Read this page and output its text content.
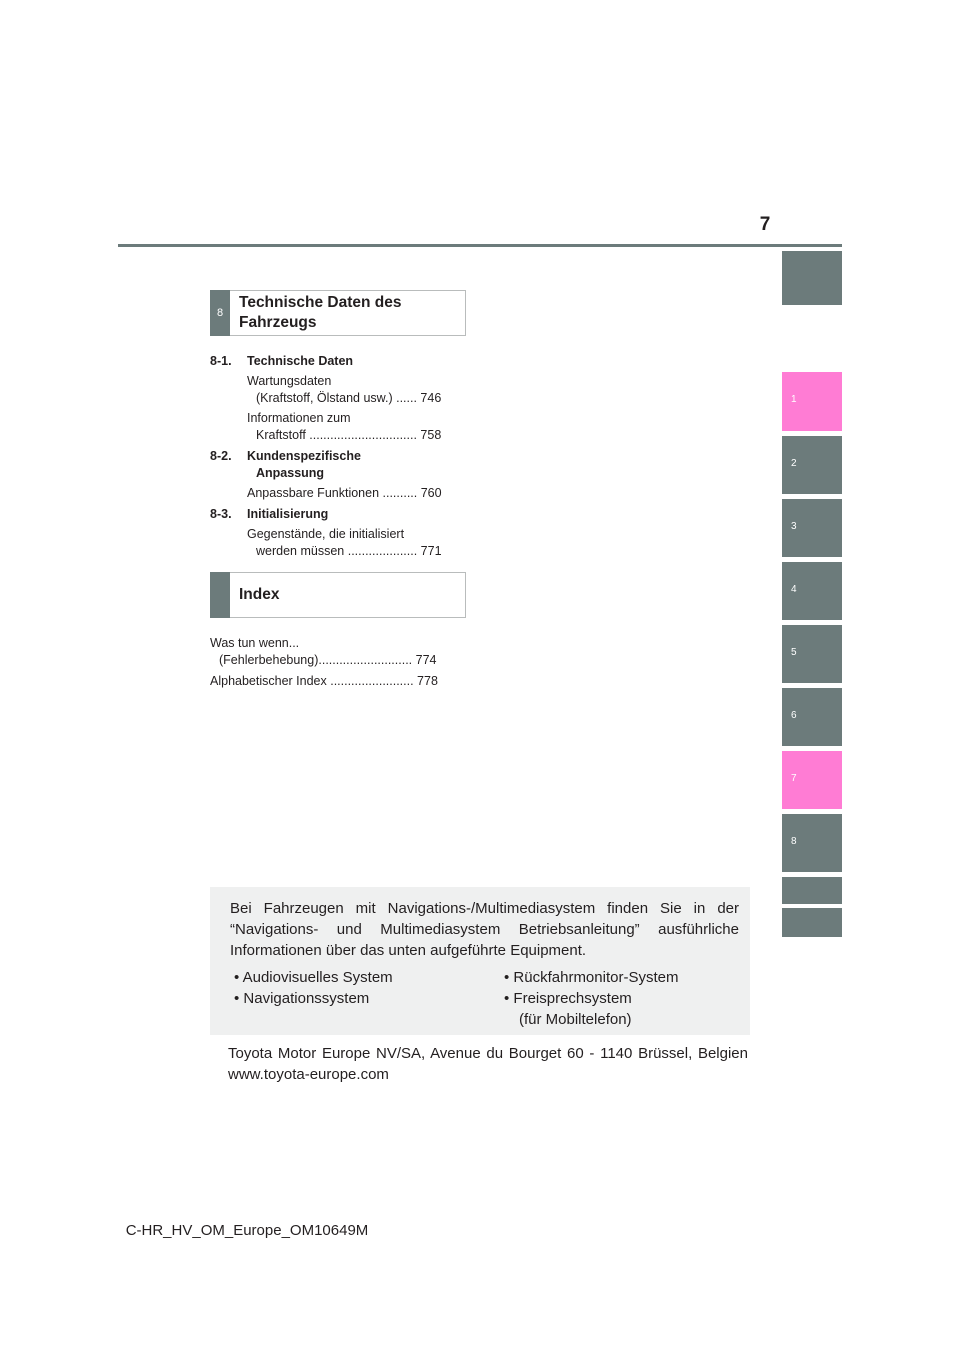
7
1
2
3
4
5
6
7
8
8
Technische Daten des
Fahrzeugs
8-1. Technische Daten
Wartungsdaten
(Kraftstoff, Ölstand usw.) ...... 746
Informationen zum
Kraftstoff ............................... 758
8-2. Kundenspezifische
Anpassung
Anpassbare Funktionen .......... 760
8-3. Initialisierung
Gegenstände, die initialisiert
werden müssen .................... 771
Index
Was tun wenn...
(Fehlerbehebung)........................... 774
Alphabetischer Index ........................ 778
Bei Fahrzeugen mit Navigations-/Multimediasystem finden Sie in der “Navigations- und Multimediasystem Betriebsanleitung” ausführliche Informationen über das unten aufgeführte Equipment.
• Audiovisuelles System
• Navigationssystem
• Rückfahrmonitor-System
• Freisprechsystem
(für Mobiltelefon)
Toyota Motor Europe NV/SA, Avenue du Bourget 60 - 1140 Brüssel, Belgien www.toyota-europe.com
C-HR_HV_OM_Europe_OM10649M
